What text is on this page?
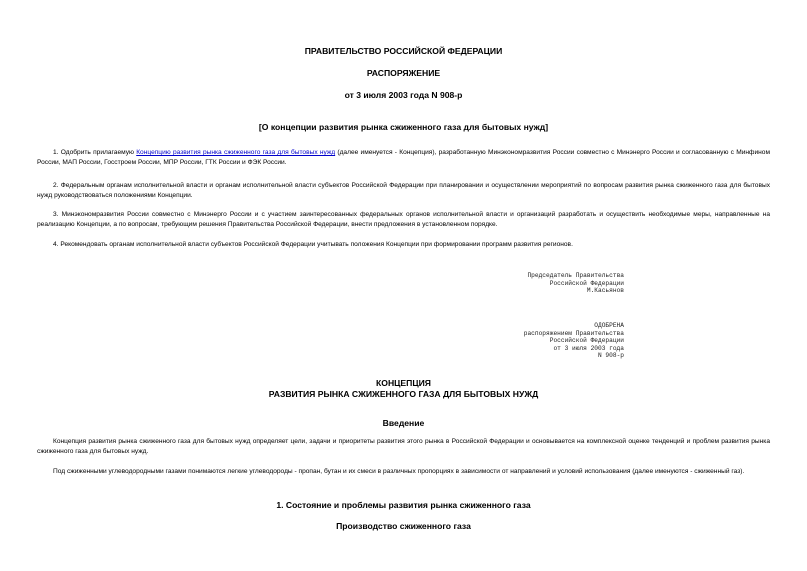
ПРАВИТЕЛЬСТВО РОССИЙСКОЙ ФЕДЕРАЦИИ
РАСПОРЯЖЕНИЕ
от 3 июля 2003 года N 908-р
[О концепции развития рынка сжиженного газа для бытовых нужд]
1. Одобрить прилагаемую Концепцию развития рынка сжиженного газа для бытовых нужд (далее именуется - Концепция), разработанную Минэкономразвития России совместно с Минэнерго России и согласованную с Минфином России, МАП России, Госстроем России, МПР России, ГТК России и ФЭК России.
2. Федеральным органам исполнительной власти и органам исполнительной власти субъектов Российской Федерации при планировании и осуществлении мероприятий по вопросам развития рынка сжиженного газа для бытовых нужд руководствоваться положениями Концепции.
3. Минэкономразвития России совместно с Минэнерго России и с участием заинтересованных федеральных органов исполнительной власти и организаций разработать и осуществить необходимые меры, направленные на реализацию Концепции, а по вопросам, требующим решения Правительства Российской Федерации, внести предложения в установленном порядке.
4. Рекомендовать органам исполнительной власти субъектов Российской Федерации учитывать положения Концепции при формировании программ развития регионов.
Председатель Правительства
Российской Федерации
М.Касьянов
ОДОБРЕНА
распоряжением Правительства
Российской Федерации
от 3 июля 2003 года
N 908-р
КОНЦЕПЦИЯ
РАЗВИТИЯ РЫНКА СЖИЖЕННОГО ГАЗА ДЛЯ БЫТОВЫХ НУЖД
Введение
Концепция развития рынка сжиженного газа для бытовых нужд определяет цели, задачи и приоритеты развития этого рынка в Российской Федерации и основывается на комплексной оценке тенденций и проблем развития рынка сжиженного газа для бытовых нужд.
Под сжиженными углеводородными газами понимаются легкие углеводороды - пропан, бутан и их смеси в различных пропорциях в зависимости от направлений и условий использования (далее именуются - сжиженный газ).
1. Состояние и проблемы развития рынка сжиженного газа
Производство сжиженного газа
